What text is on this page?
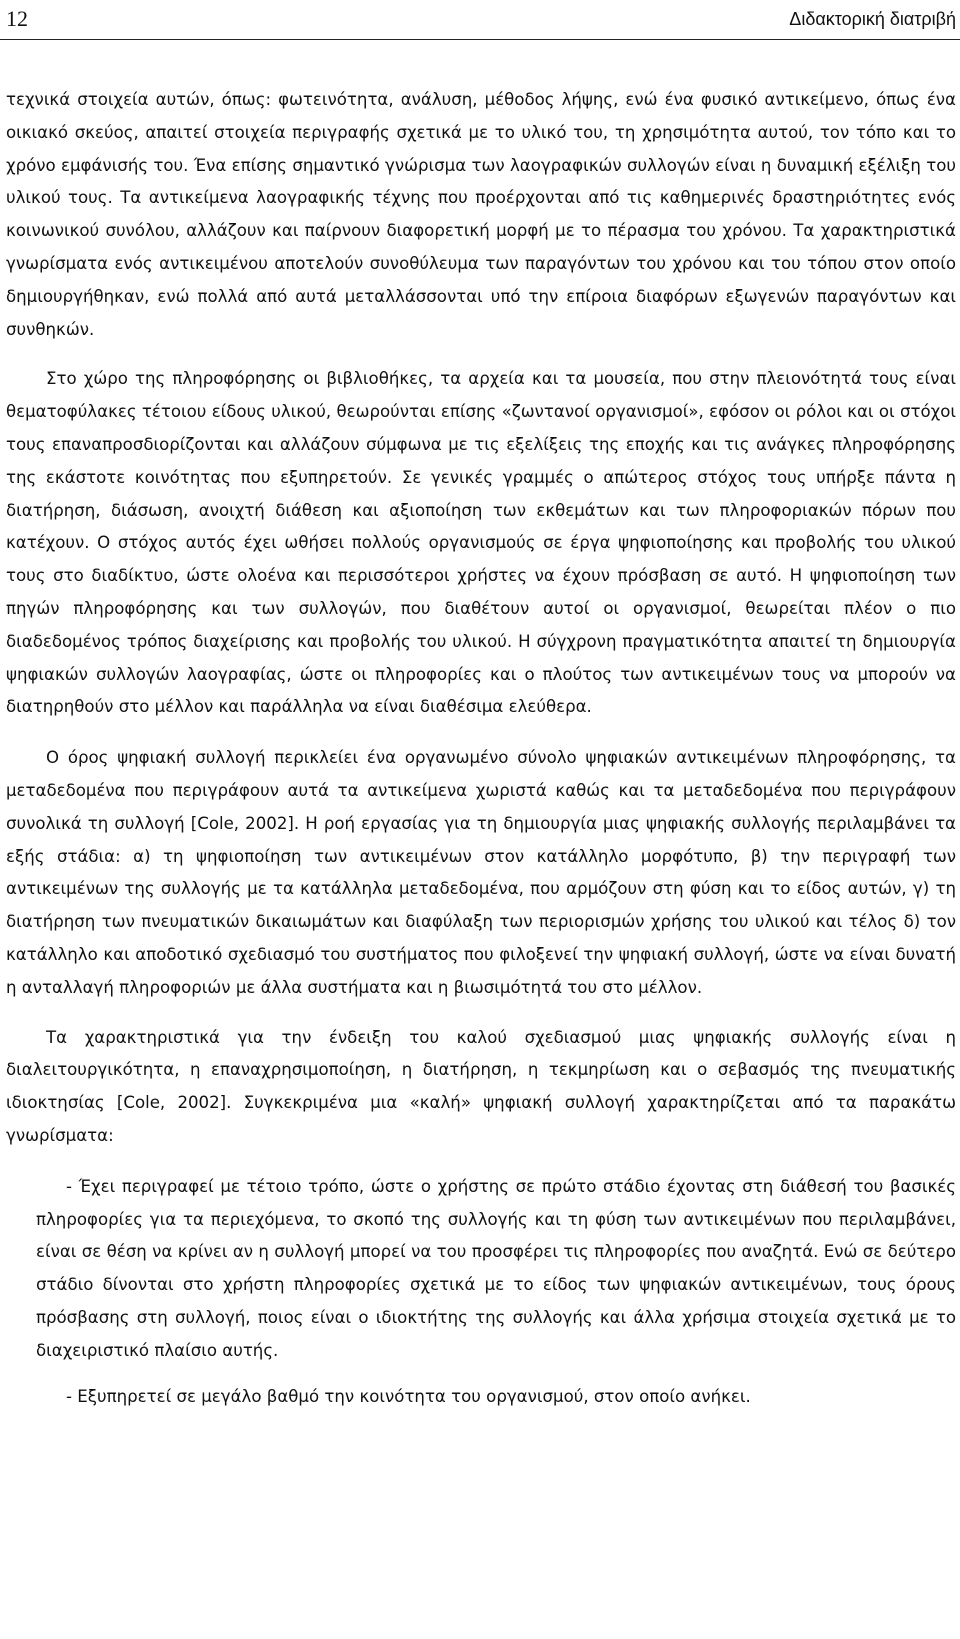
12	Διδακτορική διατριβή

τεχνικά στοιχεία αυτών, όπως: φωτεινότητα, ανάλυση, μέθοδος λήψης, ενώ ένα φυσικό αντικείμενο, όπως ένα οικιακό σκεύος, απαιτεί στοιχεία περιγραφής σχετικά με το υλικό του, τη χρησιμότητα αυτού, τον τόπο και το χρόνο εμφάνισής του. Ένα επίσης σημαντικό γνώρισμα των λαογραφικών συλλογών είναι η δυναμική εξέλιξη του υλικού τους. Τα αντικείμενα λαογραφικής τέχνης που προέρχονται από τις καθημερινές δραστηριότητες ενός κοινωνικού συνόλου, αλλάζουν και παίρνουν διαφορετική μορφή με το πέρασμα του χρόνου. Τα χαρακτηριστικά γνωρίσματα ενός αντικειμένου αποτελούν συνοθύλευμα των παραγόντων του χρόνου και του τόπου στον οποίο δημιουργήθηκαν, ενώ πολλά από αυτά μεταλλάσσονται υπό την επίροια διαφόρων εξωγενών παραγόντων και συνθηκών.

Στο χώρο της πληροφόρησης οι βιβλιοθήκες, τα αρχεία και τα μουσεία, που στην πλειονότητά τους είναι θεματοφύλακες τέτοιου είδους υλικού, θεωρούνται επίσης «ζωντανοί οργανισμοί», εφόσον οι ρόλοι και οι στόχοι τους επαναπροσδιορίζονται και αλλάζουν σύμφωνα με τις εξελίξεις της εποχής και τις ανάγκες πληροφόρησης της εκάστοτε κοινότητας που εξυπηρετούν. Σε γενικές γραμμές ο απώτερος στόχος τους υπήρξε πάντα η διατήρηση, διάσωση, ανοιχτή διάθεση και αξιοποίηση των εκθεμάτων και των πληροφοριακών πόρων που κατέχουν. Ο στόχος αυτός έχει ωθήσει πολλούς οργανισμούς σε έργα ψηφιοποίησης και προβολής του υλικού τους στο διαδίκτυο, ώστε ολοένα και περισσότεροι χρήστες να έχουν πρόσβαση σε αυτό. Η ψηφιοποίηση των πηγών πληροφόρησης και των συλλογών, που διαθέτουν αυτοί οι οργανισμοί, θεωρείται πλέον ο πιο διαδεδομένος τρόπος διαχείρισης και προβολής του υλικού. Η σύγχρονη πραγματικότητα απαιτεί τη δημιουργία ψηφιακών συλλογών λαογραφίας, ώστε οι πληροφορίες και ο πλούτος των αντικειμένων τους να μπορούν να διατηρηθούν στο μέλλον και παράλληλα να είναι διαθέσιμα ελεύθερα.

Ο όρος ψηφιακή συλλογή περικλείει ένα οργανωμένο σύνολο ψηφιακών αντικειμένων πληροφόρησης, τα μεταδεδομένα που περιγράφουν αυτά τα αντικείμενα χωριστά καθώς και τα μεταδεδομένα που περιγράφουν συνολικά τη συλλογή [Cole, 2002]. Η ροή εργασίας για τη δημιουργία μιας ψηφιακής συλλογής περιλαμβάνει τα εξής στάδια: α) τη ψηφιοποίηση των αντικειμένων στον κατάλληλο μορφότυπο, β) την περιγραφή των αντικειμένων της συλλογής με τα κατάλληλα μεταδεδομένα, που αρμόζουν στη φύση και το είδος αυτών, γ) τη διατήρηση των πνευματικών δικαιωμάτων και διαφύλαξη των περιορισμών χρήσης του υλικού και τέλος δ) τον κατάλληλο και αποδοτικό σχεδιασμό του συστήματος που φιλοξενεί την ψηφιακή συλλογή, ώστε να είναι δυνατή η ανταλλαγή πληροφοριών με άλλα συστήματα και η βιωσιμότητά του στο μέλλον.

Τα χαρακτηριστικά για την ένδειξη του καλού σχεδιασμού μιας ψηφιακής συλλογής είναι η διαλειτουργικότητα, η επαναχρησιμοποίηση, η διατήρηση, η τεκμηρίωση και ο σεβασμός της πνευματικής ιδιοκτησίας [Cole, 2002]. Συγκεκριμένα μια «καλή» ψηφιακή συλλογή χαρακτηρίζεται από τα παρακάτω γνωρίσματα:

- Έχει περιγραφεί με τέτοιο τρόπο, ώστε ο χρήστης σε πρώτο στάδιο έχοντας στη διάθεσή του βασικές πληροφορίες για τα περιεχόμενα, το σκοπό της συλλογής και τη φύση των αντικειμένων που περιλαμβάνει, είναι σε θέση να κρίνει αν η συλλογή μπορεί να του προσφέρει τις πληροφορίες που αναζητά. Ενώ σε δεύτερο στάδιο δίνονται στο χρήστη πληροφορίες σχετικά με το είδος των ψηφιακών αντικειμένων, τους όρους πρόσβασης στη συλλογή, ποιος είναι ο ιδιοκτήτης της συλλογής και άλλα χρήσιμα στοιχεία σχετικά με το διαχειριστικό πλαίσιο αυτής.

- Εξυπηρετεί σε μεγάλο βαθμό την κοινότητα του οργανισμού, στον οποίο ανήκει.
